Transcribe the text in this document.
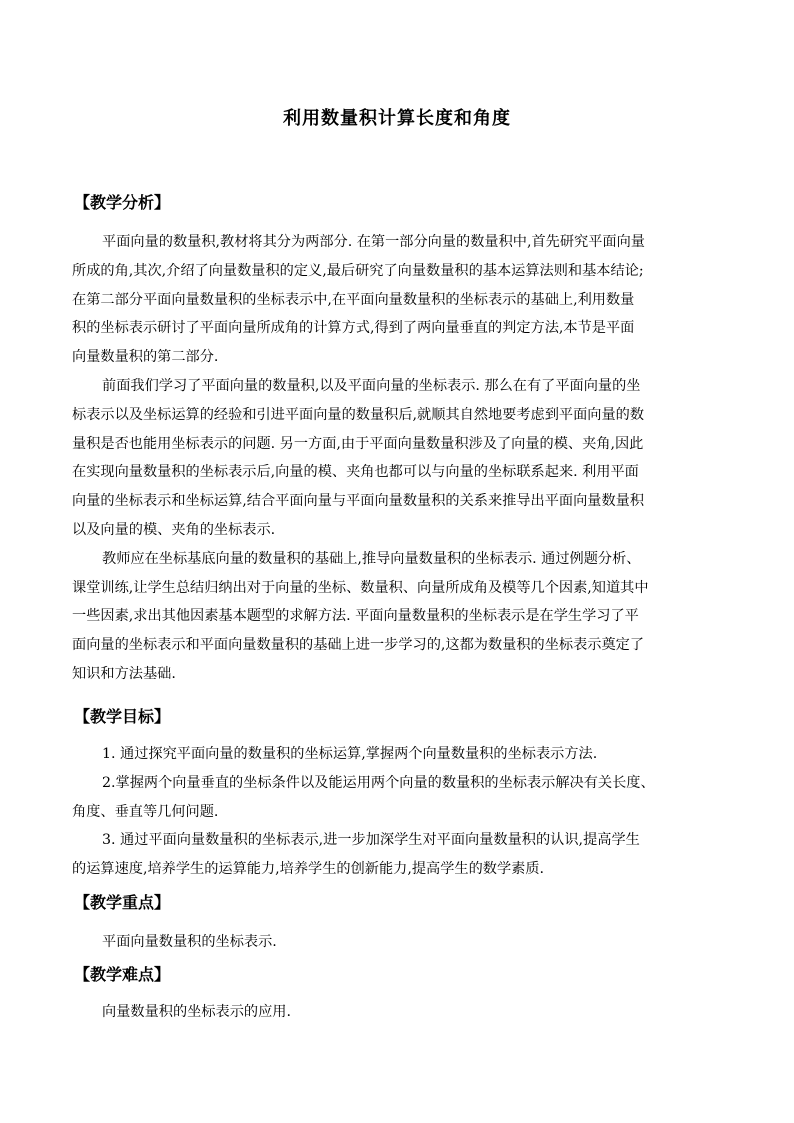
利用数量积计算长度和角度
【教学分析】
平面向量的数量积,教材将其分为两部分. 在第一部分向量的数量积中,首先研究平面向量
所成的角,其次,介绍了向量数量积的定义,最后研究了向量数量积的基本运算法则和基本结论;
在第二部分平面向量数量积的坐标表示中,在平面向量数量积的坐标表示的基础上,利用数量
积的坐标表示研讨了平面向量所成角的计算方式,得到了两向量垂直的判定方法,本节是平面
向量数量积的第二部分.
前面我们学习了平面向量的数量积,以及平面向量的坐标表示. 那么在有了平面向量的坐
标表示以及坐标运算的经验和引进平面向量的数量积后,就顺其自然地要考虑到平面向量的数
量积是否也能用坐标表示的问题. 另一方面,由于平面向量数量积涉及了向量的模、夹角,因此
在实现向量数量积的坐标表示后,向量的模、夹角也都可以与向量的坐标联系起来. 利用平面
向量的坐标表示和坐标运算,结合平面向量与平面向量数量积的关系来推导出平面向量数量积
以及向量的模、夹角的坐标表示.
教师应在坐标基底向量的数量积的基础上,推导向量数量积的坐标表示. 通过例题分析、
课堂训练,让学生总结归纳出对于向量的坐标、数量积、向量所成角及模等几个因素,知道其中
一些因素,求出其他因素基本题型的求解方法. 平面向量数量积的坐标表示是在学生学习了平
面向量的坐标表示和平面向量数量积的基础上进一步学习的,这都为数量积的坐标表示奠定了
知识和方法基础.
【教学目标】
1. 通过探究平面向量的数量积的坐标运算,掌握两个向量数量积的坐标表示方法.
2.掌握两个向量垂直的坐标条件以及能运用两个向量的数量积的坐标表示解决有关长度、
角度、垂直等几何问题.
3. 通过平面向量数量积的坐标表示,进一步加深学生对平面向量数量积的认识,提高学生
的运算速度,培养学生的运算能力,培养学生的创新能力,提高学生的数学素质.
【教学重点】
平面向量数量积的坐标表示.
【教学难点】
向量数量积的坐标表示的应用.
